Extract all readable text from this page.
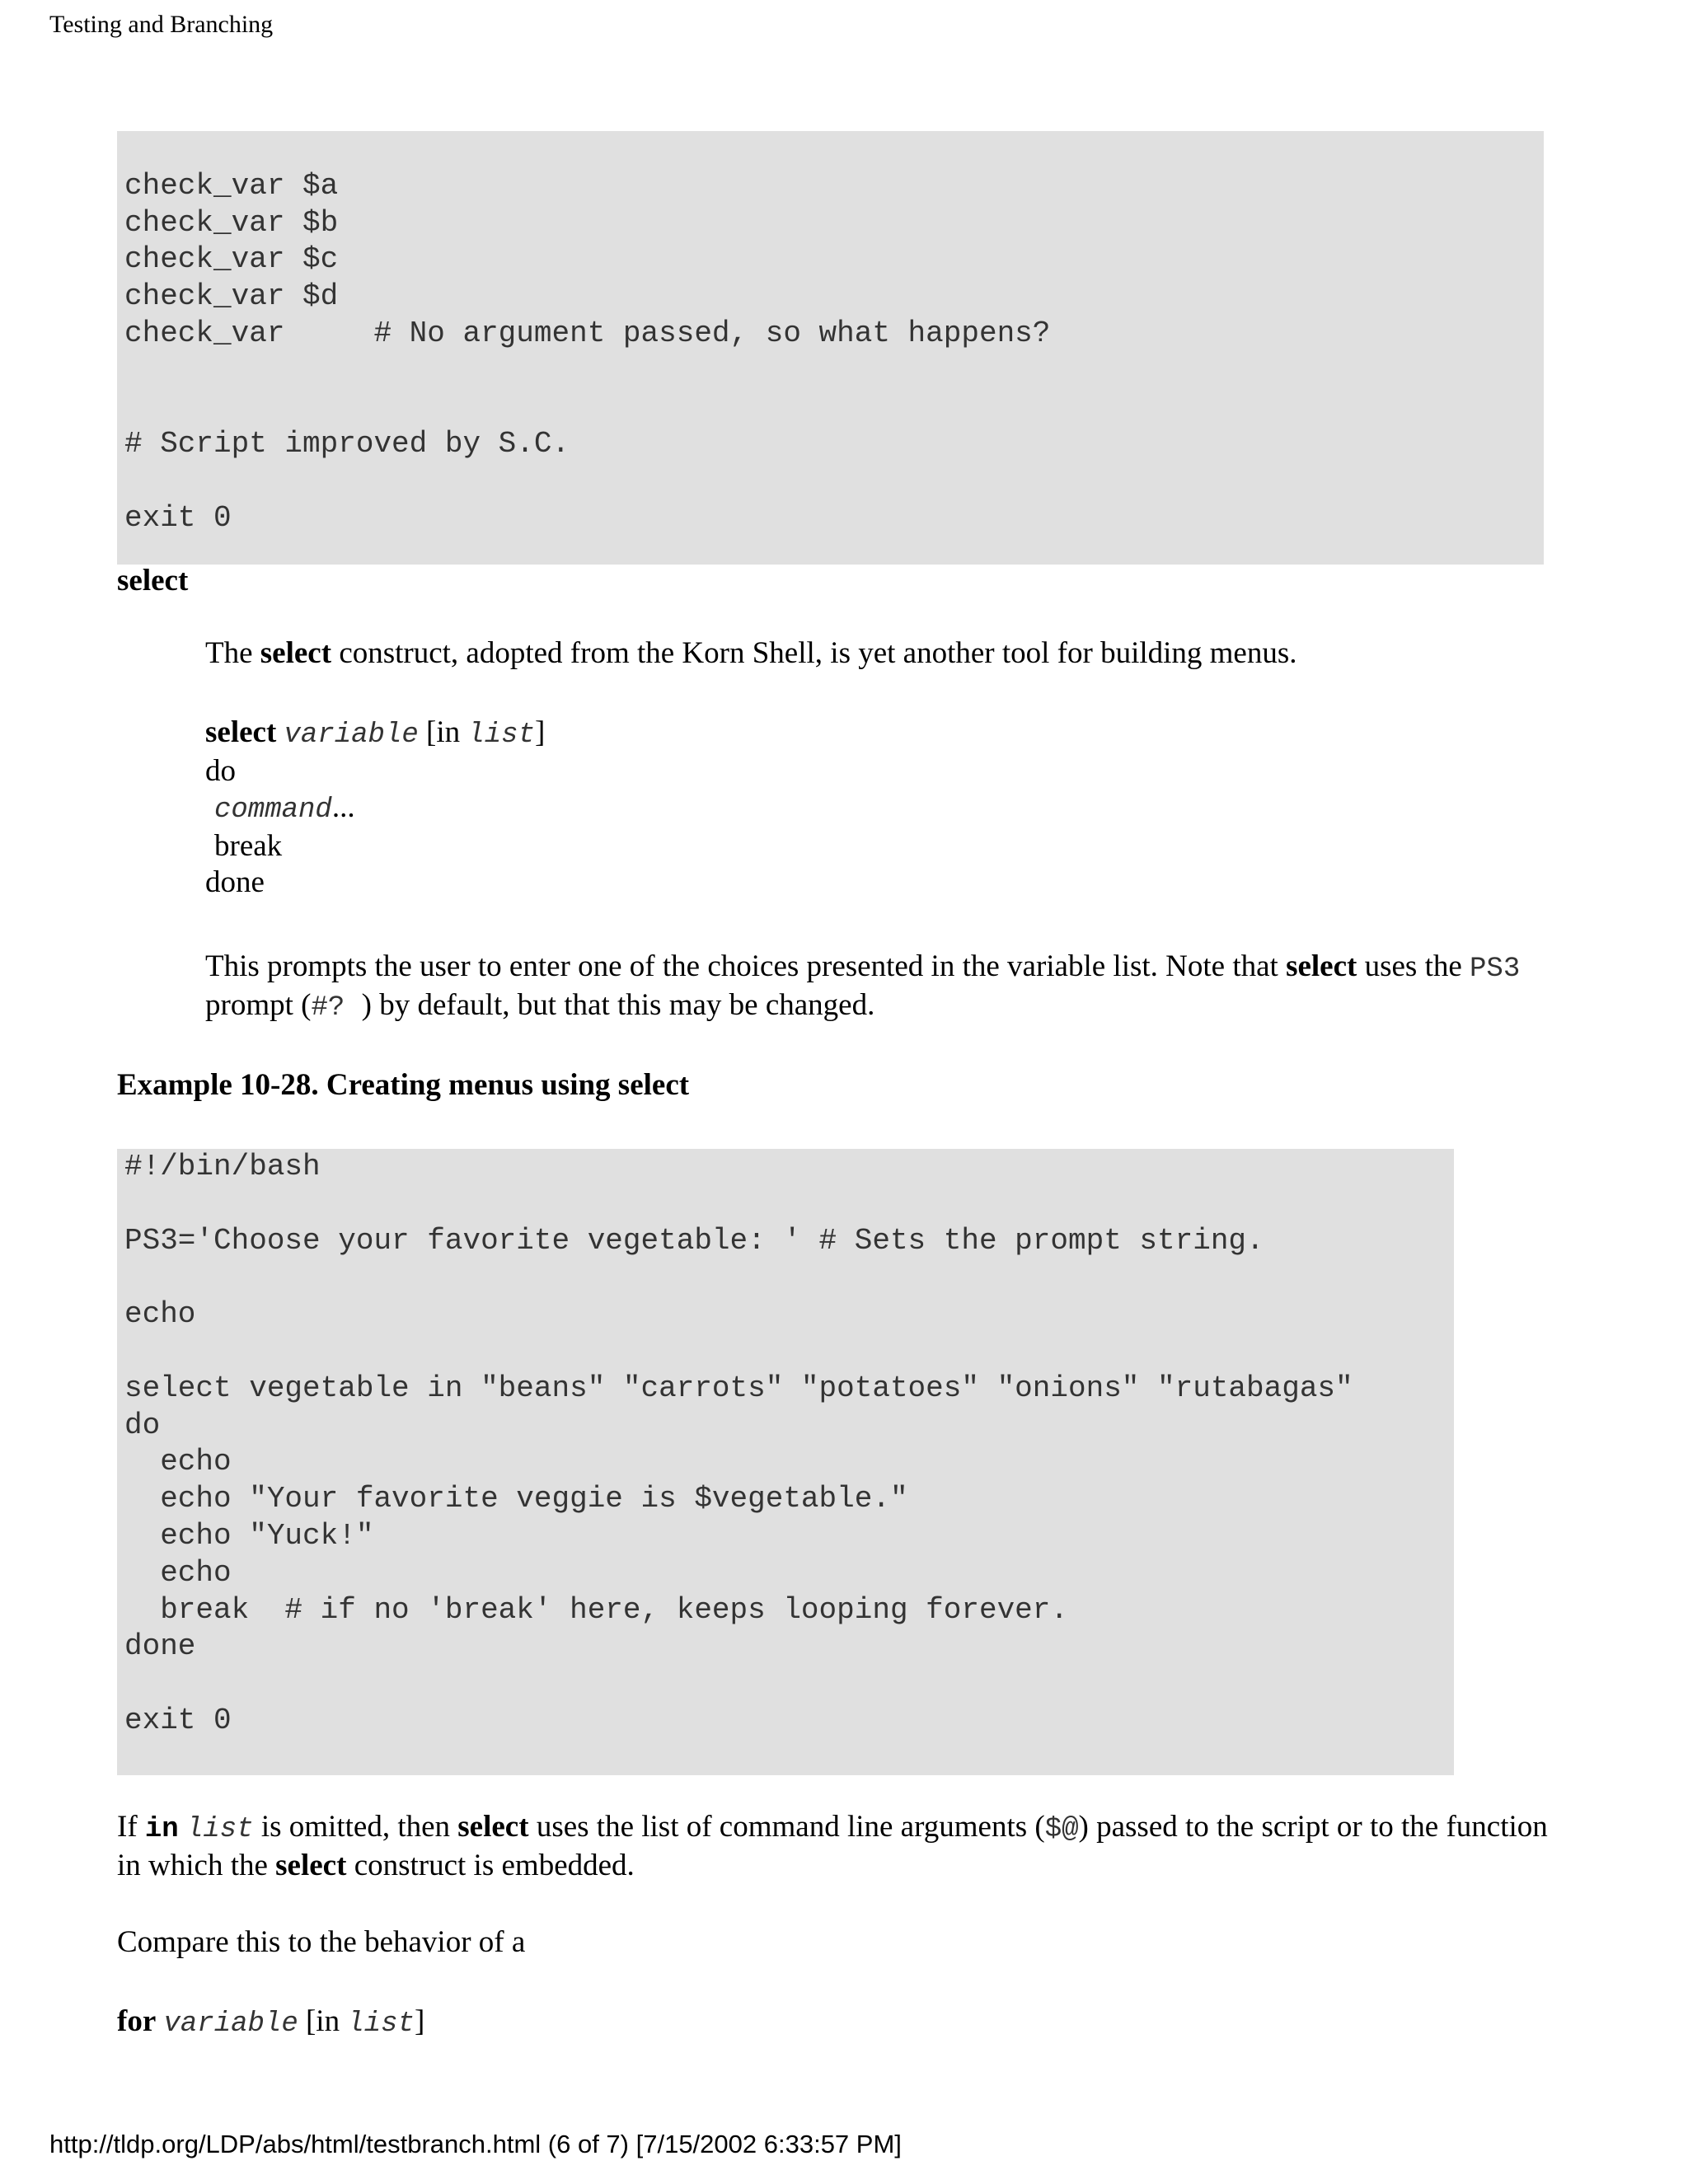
Testing and Branching
check_var $a
check_var $b
check_var $c
check_var $d
check_var     # No argument passed, so what happens?
# Script improved by S.C.
exit 0
select
The select construct, adopted from the Korn Shell, is yet another tool for building menus.
select variable [in list]
do
command...
break
done
This prompts the user to enter one of the choices presented in the variable list. Note that select uses the PS3
prompt (#? ) by default, but that this may be changed.
Example 10-28. Creating menus using select
#!/bin/bash
PS3='Choose your favorite vegetable: ' # Sets the prompt string.
echo
select vegetable in "beans" "carrots" "potatoes" "onions" "rutabagas"
do
echo
echo "Your favorite veggie is $vegetable."
echo "Yuck!"
echo
break  # if no 'break' here, keeps looping forever.
done
exit 0
If in list is omitted, then select uses the list of command line arguments ($@) passed to the script or to the function
in which the select construct is embedded.
Compare this to the behavior of a
for variable [in list]
http://tldp.org/LDP/abs/html/testbranch.html (6 of 7) [7/15/2002 6:33:57 PM]
